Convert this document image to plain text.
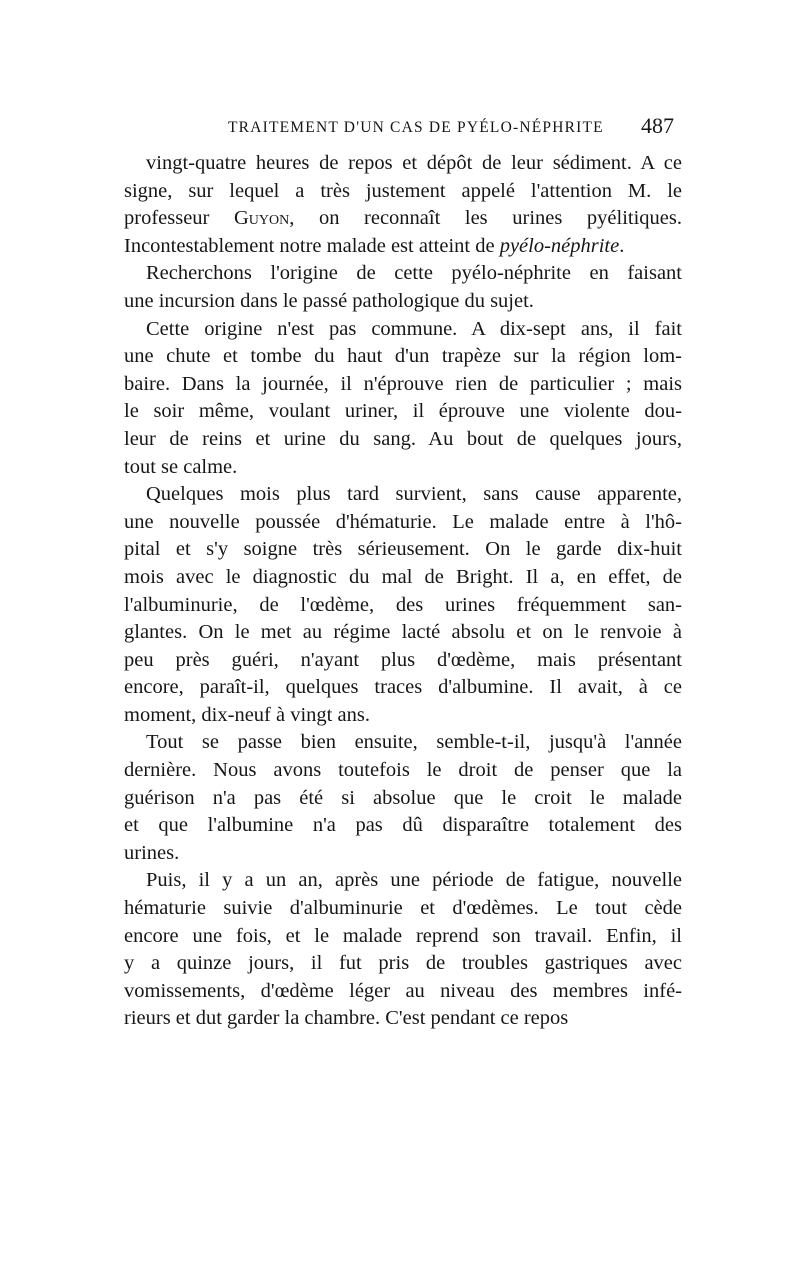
TRAITEMENT D'UN CAS DE PYÉLO-NÉPHRITE 487
vingt-quatre heures de repos et dépôt de leur sédiment. A ce
signe, sur lequel a très justement appelé l'attention M. le
professeur Guyon, on reconnaît les urines pyélitiques.
Incontestablement notre malade est atteint de pyélo-néphrite.
Recherchons l'origine de cette pyélo-néphrite en faisant
une incursion dans le passé pathologique du sujet.
Cette origine n'est pas commune. A dix-sept ans, il fait
une chute et tombe du haut d'un trapèze sur la région lom-
baire. Dans la journée, il n'éprouve rien de particulier ; mais
le soir même, voulant uriner, il éprouve une violente dou-
leur de reins et urine du sang. Au bout de quelques jours,
tout se calme.
Quelques mois plus tard survient, sans cause apparente,
une nouvelle poussée d'hématurie. Le malade entre à l'hô-
pital et s'y soigne très sérieusement. On le garde dix-huit
mois avec le diagnostic du mal de Bright. Il a, en effet, de
l'albuminurie, de l'œdème, des urines fréquemment san-
glantes. On le met au régime lacté absolu et on le renvoie à
peu près guéri, n'ayant plus d'œdème, mais présentant
encore, paraît-il, quelques traces d'albumine. Il avait, à ce
moment, dix-neuf à vingt ans.
Tout se passe bien ensuite, semble-t-il, jusqu'à l'année
dernière. Nous avons toutefois le droit de penser que la
guérison n'a pas été si absolue que le croit le malade
et que l'albumine n'a pas dû disparaître totalement des
urines.
Puis, il y a un an, après une période de fatigue, nouvelle
hématurie suivie d'albuminurie et d'œdèmes. Le tout cède
encore une fois, et le malade reprend son travail. Enfin, il
y a quinze jours, il fut pris de troubles gastriques avec
vomissements, d'œdème léger au niveau des membres infé-
rieurs et dut garder la chambre. C'est pendant ce repos
